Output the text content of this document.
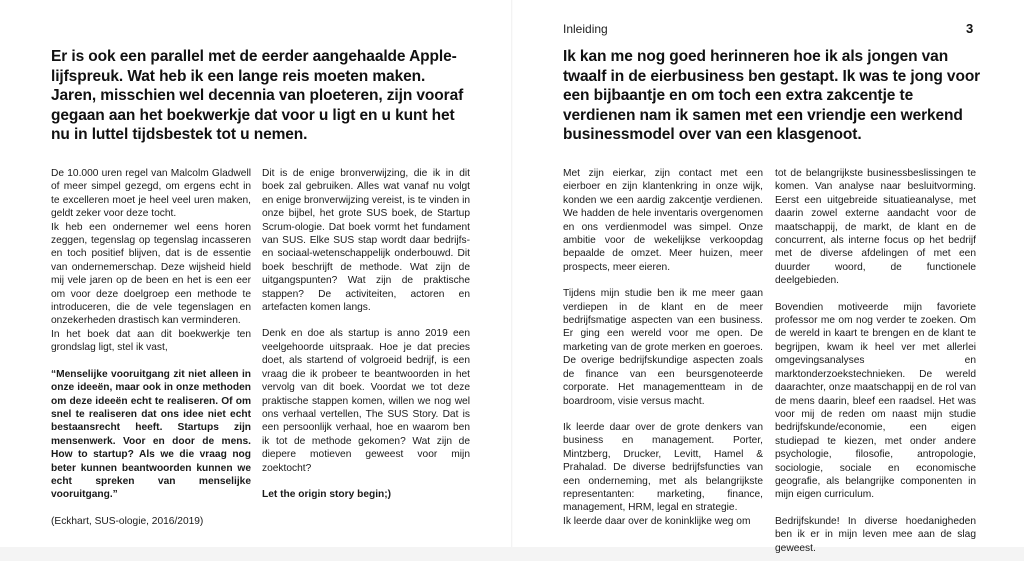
Er is ook een parallel met de eerder aangehaalde Apple-lijfspreuk. Wat heb ik een lange reis moeten maken. Jaren, misschien wel decennia van ploeteren, zijn vooraf gegaan aan het boekwerkje dat voor u ligt en u kunt het nu in luttel tijdsbestek tot u nemen.

De 10.000 uren regel van Malcolm Gladwell of meer simpel gezegd, om ergens echt in te excelleren moet je heel veel uren maken, geldt zeker voor deze tocht.

Ik heb een ondernemer wel eens horen zeggen, tegenslag op tegenslag incasseren en toch positief blijven, dat is de essentie van ondernemerschap. Deze wijsheid hield mij vele jaren op de been en het is een eer om voor deze doelgroep een methode te introduceren, die de vele tegenslagen en onzekerheden drastisch kan verminderen.

In het boek dat aan dit boekwerkje ten grondslag ligt, stel ik vast,

“Menselijke vooruitgang zit niet alleen in onze ideeën, maar ook in onze methoden om deze ideeën echt te realiseren. Of om snel te realiseren dat ons idee niet echt bestaansrecht heeft. Startups zijn mensenwerk. Voor en door de mens. How to startup? Als we die vraag nog beter kunnen beantwoorden kunnen we echt spreken van menselijke vooruitgang.”

(Eckhart, SUS-ologie, 2016/2019)

Dit is de enige bronverwijzing, die ik in dit boek zal gebruiken. Alles wat vanaf nu volgt en enige bronverwijzing vereist, is te vinden in onze bijbel, het grote SUS boek, de Startup Scrum-ologie. Dat boek vormt het fundament van SUS. Elke SUS stap wordt daar bedrijfs- en sociaal-wetenschappelijk onderbouwd. Dit boek beschrijft de methode. Wat zijn de uitgangspunten? Wat zijn de praktische stappen? De activiteiten, actoren en artefacten komen langs.

Denk en doe als startup is anno 2019 een veelgehoorde uitspraak. Hoe je dat precies doet, als startend of volgroeid bedrijf, is een vraag die ik probeer te beantwoorden in het vervolg van dit boek. Voordat we tot deze praktische stappen komen, willen we nog wel ons verhaal vertellen, The SUS Story. Dat is een persoonlijk verhaal, hoe en waarom ben ik tot de methode gekomen? Wat zijn de diepere motieven geweest voor mijn zoektocht?

Let the origin story begin;)

Inleiding	3
Ik kan me nog goed herinneren hoe ik als jongen van twaalf in de eierbusiness ben gestapt. Ik was te jong voor een bijbaantje en om toch een extra zakcentje te verdienen nam ik samen met een vriendje een werkend businessmodel over van een klasgenoot.

Met zijn eierkar, zijn contact met een eierboer en zijn klantenkring in onze wijk, konden we een aardig zakcentje verdienen. We hadden de hele inventaris overgenomen en ons verdienmodel was simpel. Onze ambitie voor de wekelijkse verkoopdag bepaalde de omzet. Meer huizen, meer prospects, meer eieren.

Tijdens mijn studie ben ik me meer gaan verdiepen in de klant en de meer bedrijfsmatige aspecten van een business. Er ging een wereld voor me open. De marketing van de grote merken en goeroes. De overige bedrijfskundige aspecten zoals de finance van een beursgenoteerde corporate. Het managementteam in de boardroom, visie versus macht.

Ik leerde daar over de grote denkers van business en management. Porter, Mintzberg, Drucker, Levitt, Hamel & Prahalad. De diverse bedrijfsfuncties van een onderneming, met als belangrijkste representanten: marketing, finance, management, HRM, legal en strategie.

Ik leerde daar over de koninklijke weg om

tot de belangrijkste businessbeslissingen te komen. Van analyse naar besluitvorming. Eerst een uitgebreide situatieanalyse, met daarin zowel externe aandacht voor de maatschappij, de markt, de klant en de concurrent, als interne focus op het bedrijf met de diverse afdelingen of met een duurder woord, de functionele deelgebieden.

Bovendien motiveerde mijn favoriete professor me om nog verder te zoeken. Om de wereld in kaart te brengen en de klant te begrijpen, kwam ik heel ver met allerlei omgevingsanalyses en marktonderzoekstechnieken. De wereld daarachter, onze maatschappij en de rol van de mens daarin, bleef een raadsel. Het was voor mij de reden om naast mijn studie bedrijfskunde/economie, een eigen studiepad te kiezen, met onder andere psychologie, filosofie, antropologie, sociologie, sociale en economische geografie, als belangrijke componenten in mijn eigen curriculum.

Bedrijfskunde! In diverse hoedanigheden ben ik er in mijn leven mee aan de slag geweest.
